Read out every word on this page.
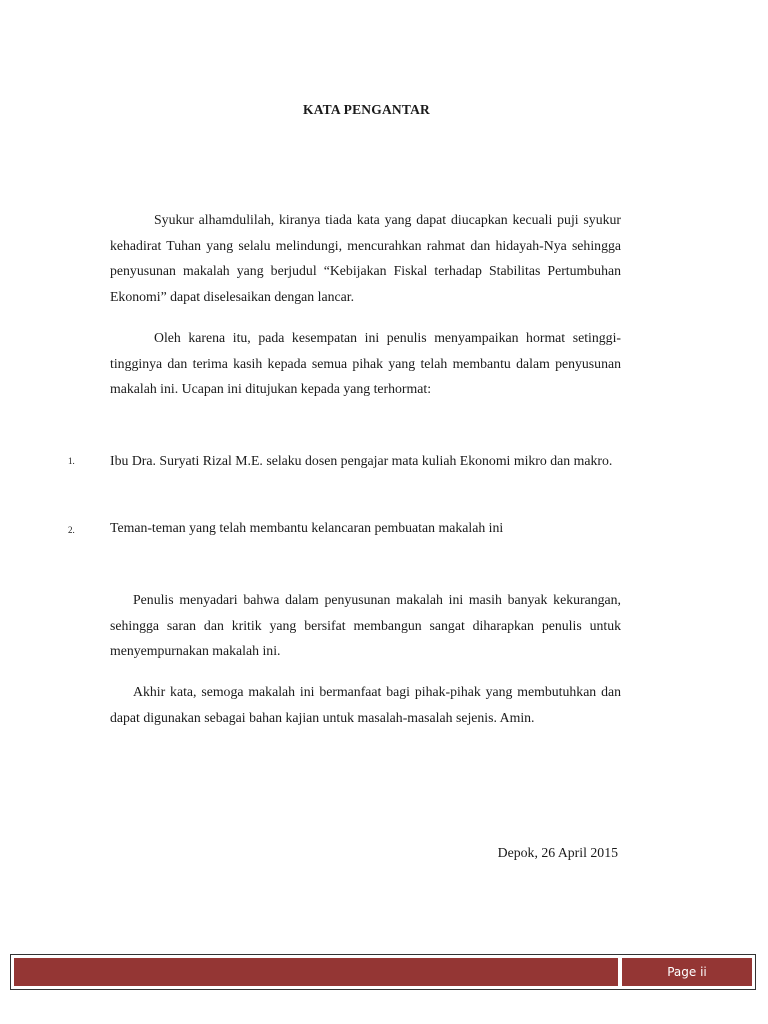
KATA PENGANTAR

Syukur alhamdulilah, kiranya tiada kata yang dapat diucapkan kecuali puji syukur kehadirat Tuhan yang selalu melindungi, mencurahkan rahmat dan hidayah-Nya sehingga penyusunan makalah yang berjudul “Kebijakan Fiskal terhadap Stabilitas Pertumbuhan Ekonomi” dapat diselesaikan dengan lancar.

Oleh karena itu, pada kesempatan ini penulis menyampaikan hormat setinggi-tingginya dan terima kasih kepada semua pihak yang telah membantu dalam penyusunan makalah ini. Ucapan ini ditujukan kepada yang terhormat:

1.	Ibu Dra. Suryati Rizal M.E. selaku dosen pengajar mata kuliah Ekonomi mikro dan makro.

2.	Teman-teman yang telah membantu kelancaran pembuatan makalah ini

Penulis menyadari bahwa dalam penyusunan makalah ini masih banyak kekurangan, sehingga saran dan kritik yang bersifat membangun sangat diharapkan penulis untuk menyempurnakan makalah ini.

Akhir kata, semoga makalah ini bermanfaat bagi pihak-pihak yang membutuhkan dan dapat digunakan sebagai bahan kajian untuk masalah-masalah sejenis. Amin.

Depok, 26 April 2015
Page ii
